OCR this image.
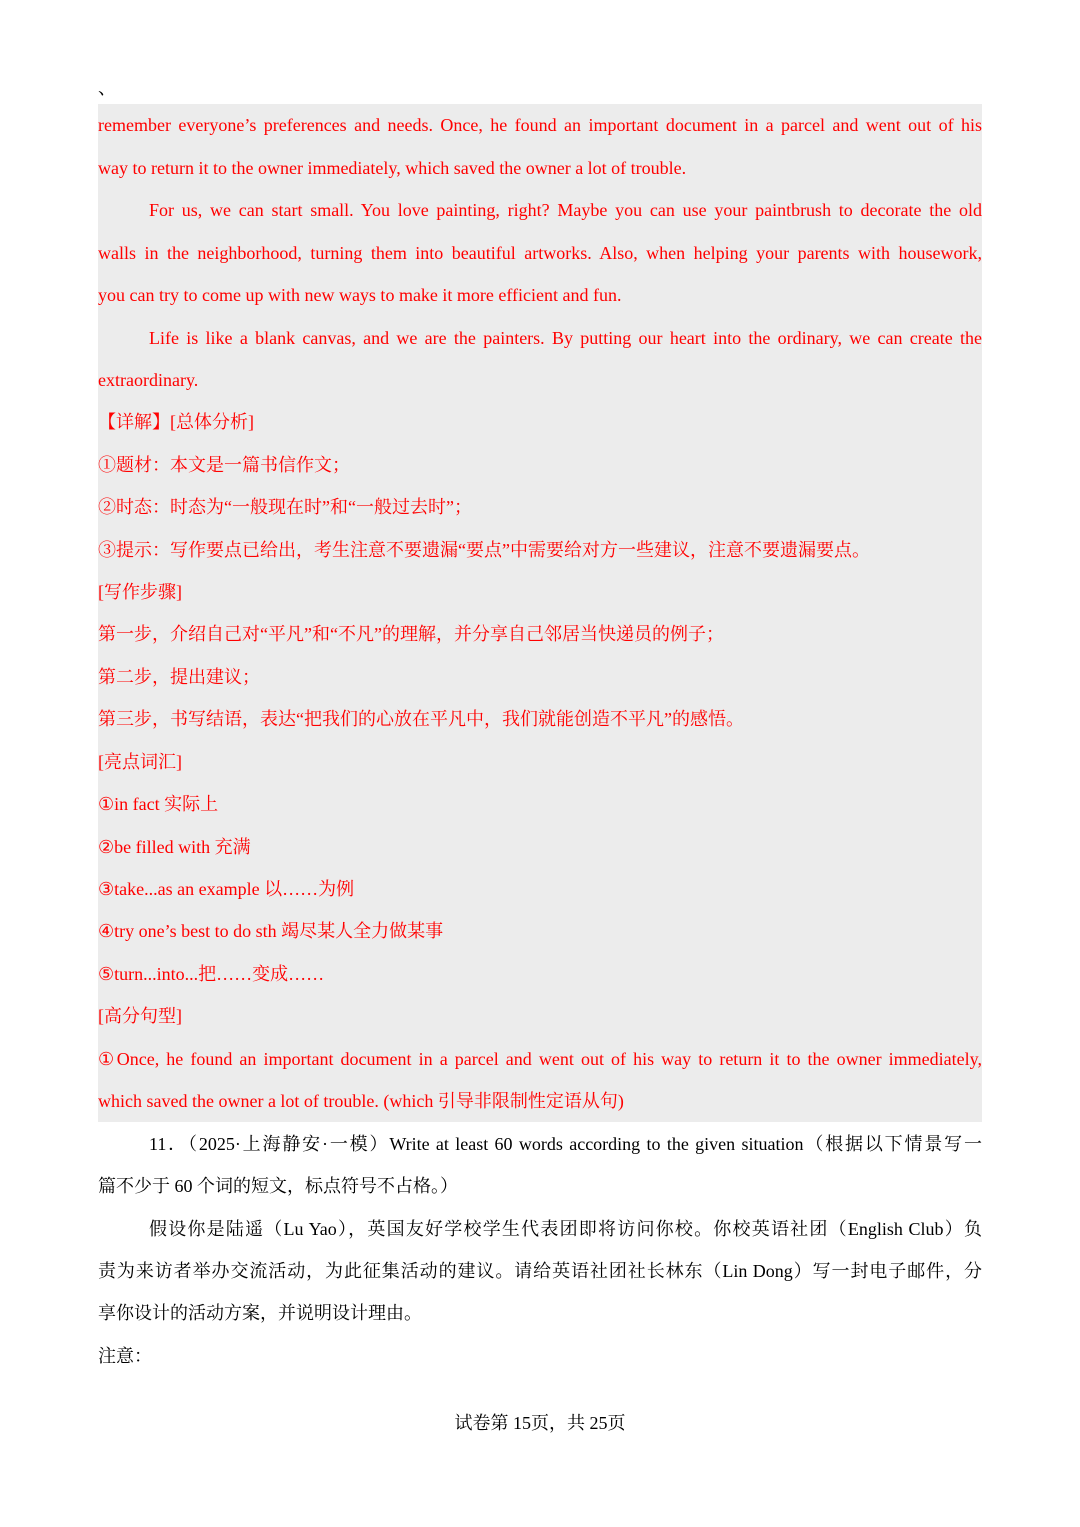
、
remember everyone’s preferences and needs. Once, he found an important document in a parcel and went out of his
way to return it to the owner immediately, which saved the owner a lot of trouble.
For us, we can start small. You love painting, right? Maybe you can use your paintbrush to decorate the old
walls in the neighborhood, turning them into beautiful artworks. Also, when helping your parents with housework,
you can try to come up with new ways to make it more efficient and fun.
Life is like a blank canvas, and we are the painters. By putting our heart into the ordinary, we can create the
extraordinary.
【详解】[总体分析]
①题材：本文是一篇书信作文；
②时态：时态为“一般现在时”和“一般过去时”；
③提示：写作要点已给出，考生注意不要遗漏“要点”中需要给对方一些建议，注意不要遗漏要点。
[写作步骤]
第一步，介绍自己对“平凡”和“不凡”的理解，并分享自己邻居当快递员的例子；
第二步，提出建议；
第三步，书写结语，表达“把我们的心放在平凡中，我们就能创造不平凡”的感悟。
[亮点词汇]
①in fact 实际上
②be filled with 充满
③take...as an example 以……为例
④try one’s best to do sth 竭尽某人全力做某事
⑤turn...into...把……变成……
[高分句型]
①Once, he found an important document in a parcel and went out of his way to return it to the owner immediately,
which saved the owner a lot of trouble. (which 引导非限制性定语从句)
11．（2025·上海静安·一模）Write at least 60 words according to the given situation（根据以下情景写一
篇不少于 60 个词的短文，标点符号不占格。）
假设你是陆遥（Lu Yao），英国友好学校学生代表团即将访问你校。你校英语社团（English Club）负
责为来访者举办交流活动，为此征集活动的建议。请给英语社团社长林东（Lin Dong）写一封电子邮件，分
享你设计的活动方案，并说明设计理由。
注意：
试卷第 15页，共 25页
